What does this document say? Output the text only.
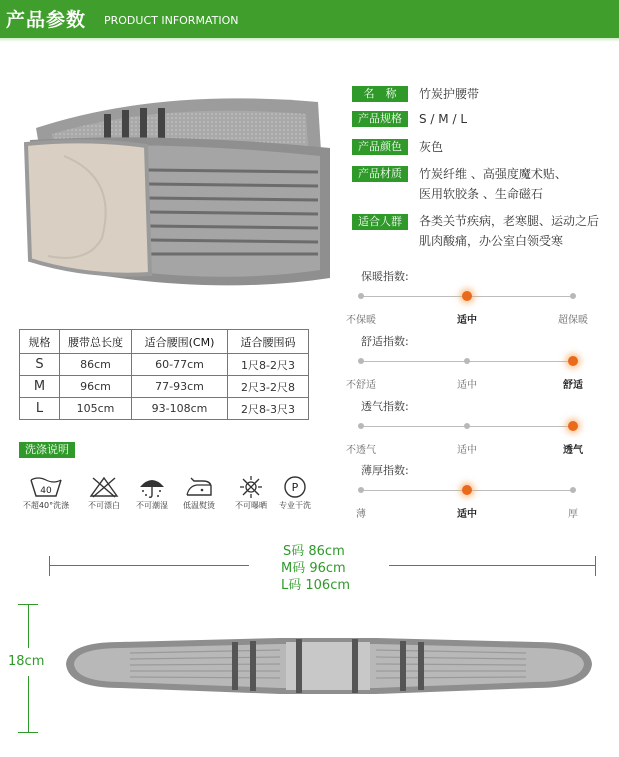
产品参数 PRODUCT INFORMATION
名　称	竹炭护腰带
产品规格	S / M / L
产品颜色	灰色
产品材质	竹炭纤维 、高强度魔术贴、
医用软胶条 、生命磁石
适合人群	各类关节疾病，老寒腿、运动之后
肌肉酸痛，办公室白领受寒
规格	腰带总长度	适合腰围(CM)	适合腰围码
S	86cm	60-77cm	1尺8-2尺3
M	96cm	77-93cm	2尺3-2尺8
L	105cm	93-108cm	2尺8-3尺3
洗涤说明
40
不超40°洗涤	不可漂白	不可潮湿	低温熨烫	不可曝晒
P
专业干洗
保暖指数:
不保暖	适中	超保暖
舒适指数:
不舒适	适中	舒适
透气指数:
不透气	适中	透气
薄厚指数:
薄	适中	厚
S码 86cm
M码 96cm
L码 106cm
18cm
